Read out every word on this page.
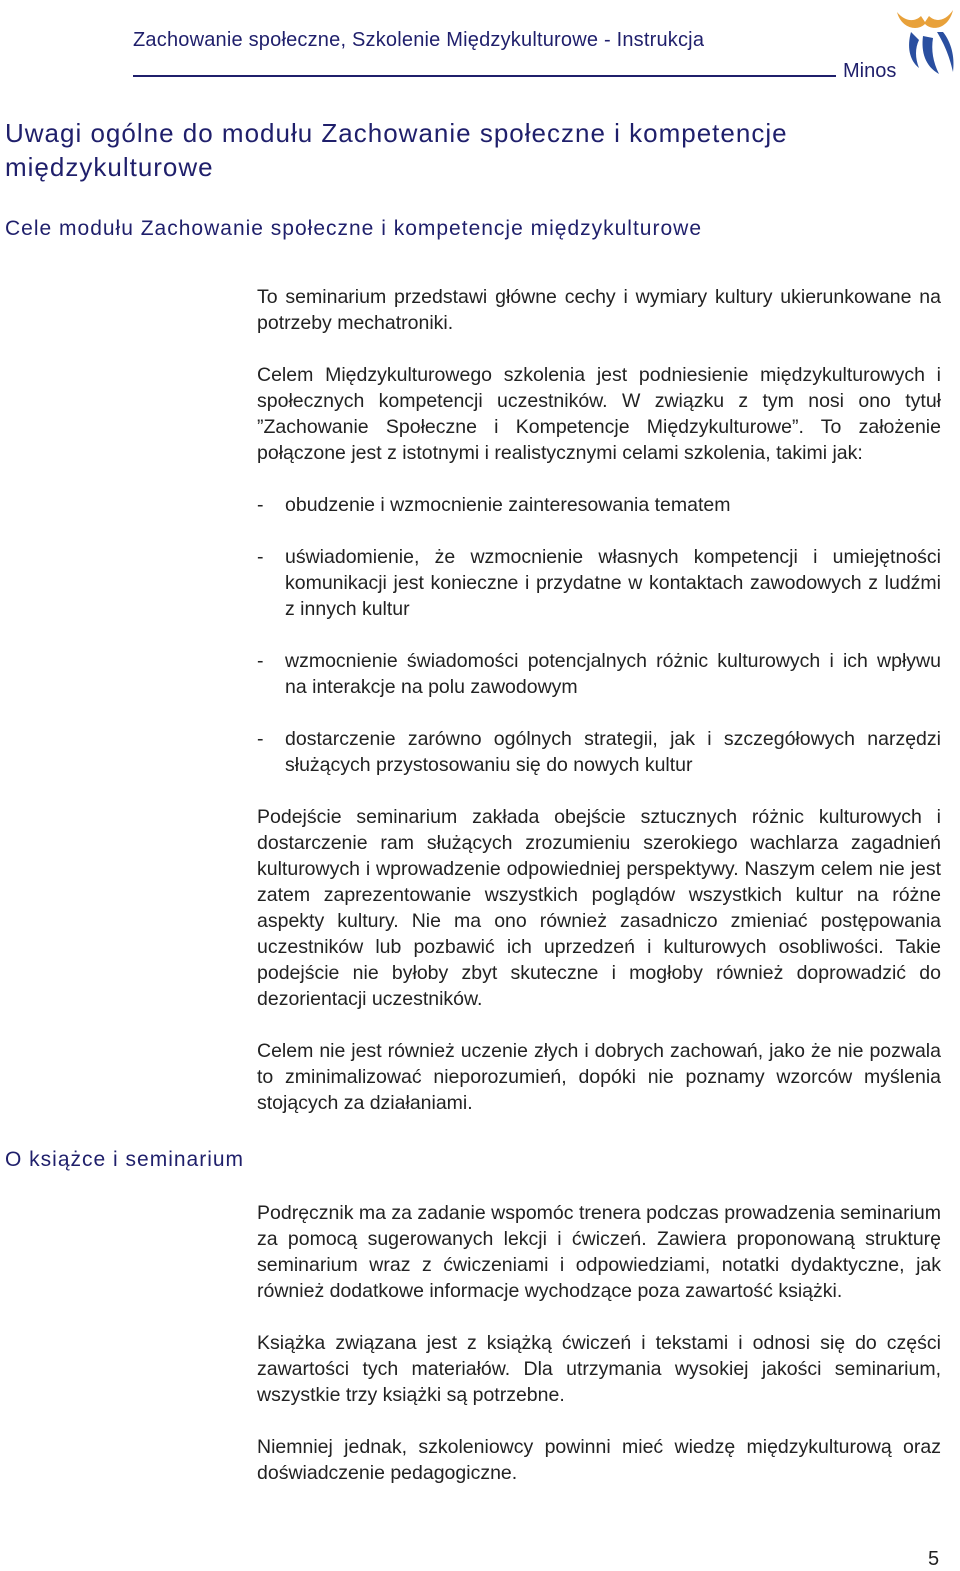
Zachowanie społeczne, Szkolenie Międzykulturowe - Instrukcja
Minos
Uwagi ogólne do modułu Zachowanie społeczne i kompetencje międzykulturowe
Cele modułu Zachowanie społeczne i kompetencje międzykulturowe

To seminarium przedstawi główne cechy i wymiary kultury ukierunkowane na potrzeby mechatroniki.

Celem Międzykulturowego szkolenia jest podniesienie międzykulturowych i społecznych kompetencji uczestników. W związku z tym nosi ono tytuł ”Zachowanie Społeczne i Kompetencje Międzykulturowe”. To założenie połączone jest z istotnymi i realistycznymi celami szkolenia, takimi jak:

- obudzenie i wzmocnienie zainteresowania tematem
- uświadomienie, że wzmocnienie własnych kompetencji i umiejętności komunikacji jest konieczne i przydatne w kontaktach zawodowych z ludźmi z innych kultur
- wzmocnienie świadomości potencjalnych różnic kulturowych i ich wpływu na interakcje na polu zawodowym
- dostarczenie zarówno ogólnych strategii, jak i szczegółowych narzędzi służących przystosowaniu się do nowych kultur

Podejście seminarium zakłada obejście sztucznych różnic kulturowych i dostarczenie ram służących zrozumieniu szerokiego wachlarza zagadnień kulturowych i wprowadzenie odpowiedniej perspektywy. Naszym celem nie jest zatem zaprezentowanie wszystkich poglądów wszystkich kultur na różne aspekty kultury. Nie ma ono również zasadniczo zmieniać postępowania uczestników lub pozbawić ich uprzedzeń i kulturowych osobliwości. Takie podejście nie byłoby zbyt skuteczne i mogłoby również doprowadzić do dezorientacji uczestników.

Celem nie jest również uczenie złych i dobrych zachowań, jako że nie pozwala to zminimalizować nieporozumień, dopóki nie poznamy wzorców myślenia stojących za działaniami.

O książce i seminarium

Podręcznik ma za zadanie wspomóc trenera podczas prowadzenia seminarium za pomocą sugerowanych lekcji i ćwiczeń. Zawiera proponowaną strukturę seminarium wraz z ćwiczeniami i odpowiedziami, notatki dydaktyczne, jak również dodatkowe informacje wychodzące poza zawartość książki.

Książka związana jest z książką ćwiczeń i tekstami i odnosi się do części zawartości tych materiałów. Dla utrzymania wysokiej jakości seminarium, wszystkie trzy książki są potrzebne.

Niemniej jednak, szkoleniowcy powinni mieć wiedzę międzykulturową oraz doświadczenie pedagogiczne.

5
